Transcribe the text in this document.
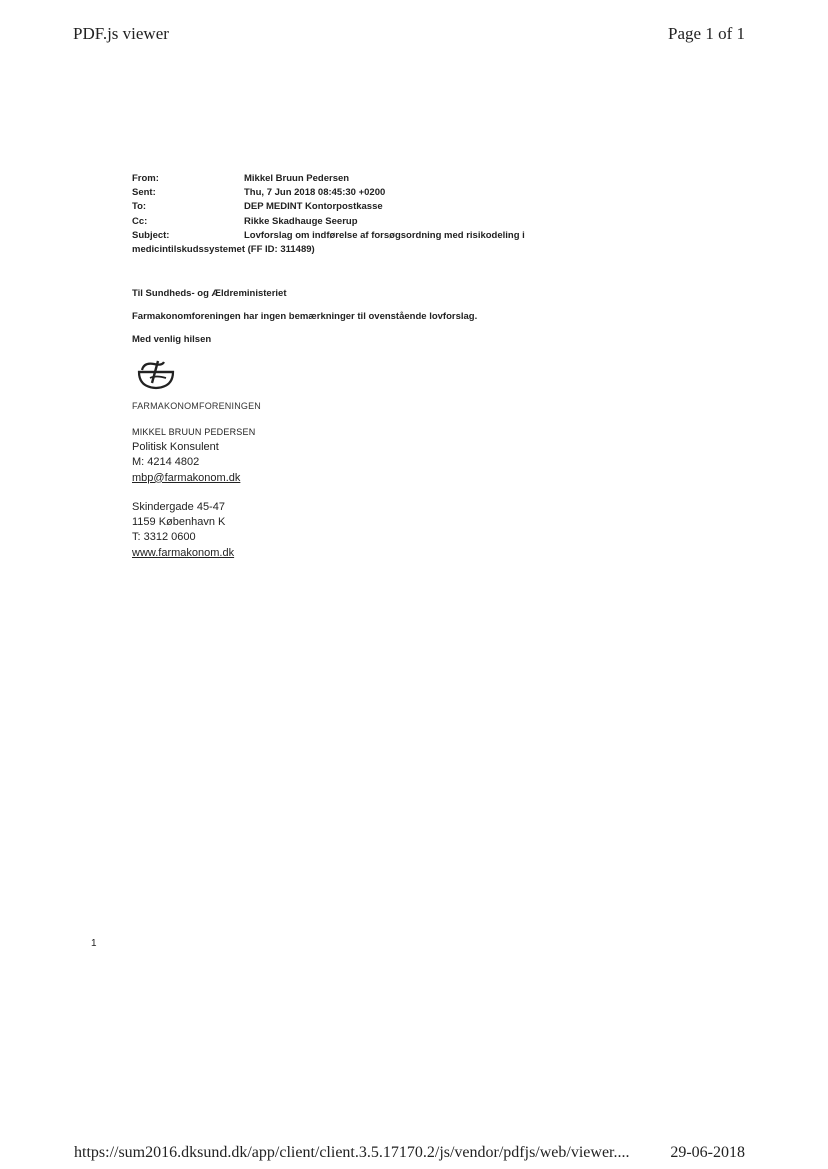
PDF.js viewer	Page 1 of 1
From:	Mikkel Bruun Pedersen
Sent:	Thu, 7 Jun 2018 08:45:30 +0200
To:	DEP MEDINT Kontorpostkasse
Cc:	Rikke Skadhauge Seerup
Subject:	Lovforslag om indførelse af forsøgsordning med risikodeling i
medicintilskudssystemet (FF ID: 311489)
Til Sundheds- og Ældreministeriet
Farmakonomforeningen har ingen bemærkninger til ovenstående lovforslag.
Med venlig hilsen
FARMAKONOMFORENINGEN
MIKKEL BRUUN PEDERSEN
Politisk Konsulent
M: 4214 4802
mbp@farmakonom.dk
Skindergade 45-47
1159 København K
T: 3312 0600
www.farmakonom.dk
1
https://sum2016.dksund.dk/app/client/client.3.5.17170.2/js/vendor/pdfjs/web/viewer....	29-06-2018
